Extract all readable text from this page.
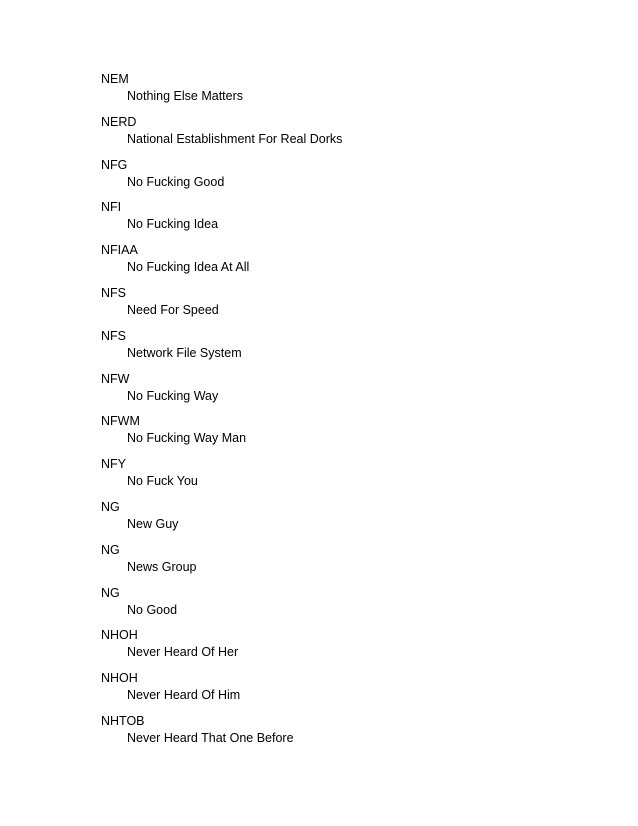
NEM
Nothing Else Matters
NERD
National Establishment For Real Dorks
NFG
No Fucking Good
NFI
No Fucking Idea
NFIAA
No Fucking Idea At All
NFS
Need For Speed
NFS
Network File System
NFW
No Fucking Way
NFWM
No Fucking Way Man
NFY
No Fuck You
NG
New Guy
NG
News Group
NG
No Good
NHOH
Never Heard Of Her
NHOH
Never Heard Of Him
NHTOB
Never Heard That One Before
